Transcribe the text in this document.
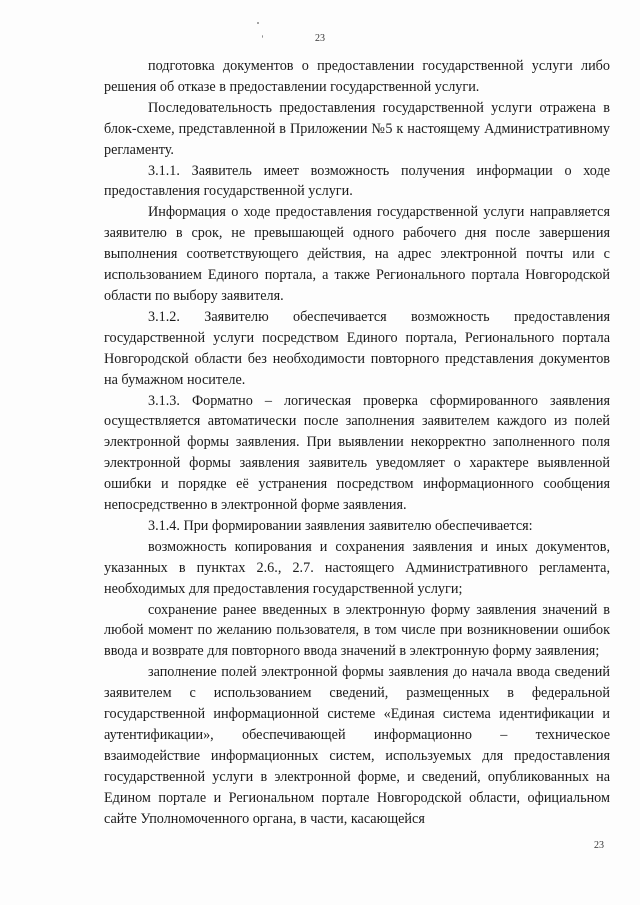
23

подготовка документов о предоставлении государственной услуги либо решения об отказе в предоставлении государственной услуги.

Последовательность предоставления государственной услуги отражена в блок-схеме, представленной в Приложении №5 к настоящему Административному регламенту.

3.1.1. Заявитель имеет возможность получения информации о ходе предоставления государственной услуги.

Информация о ходе предоставления государственной услуги направляется заявителю в срок, не превышающей одного рабочего дня после завершения выполнения соответствующего действия, на адрес электронной почты или с использованием Единого портала, а также Регионального портала Новгородской области по выбору заявителя.

3.1.2. Заявителю обеспечивается возможность предоставления государственной услуги посредством Единого портала, Регионального портала Новгородской области без необходимости повторного представления документов на бумажном носителе.

3.1.3. Форматно – логическая проверка сформированного заявления осуществляется автоматически после заполнения заявителем каждого из полей электронной формы заявления. При выявлении некорректно заполненного поля электронной формы заявления заявитель уведомляет о характере выявленной ошибки и порядке её устранения посредством информационного сообщения непосредственно в электронной форме заявления.

3.1.4. При формировании заявления заявителю обеспечивается:

возможность копирования и сохранения заявления и иных документов, указанных в пунктах 2.6., 2.7. настоящего Административного регламента, необходимых для предоставления государственной услуги;

сохранение ранее введенных в электронную форму заявления значений в любой момент по желанию пользователя, в том числе при возникновении ошибок ввода и возврате для повторного ввода значений в электронную форму заявления;

заполнение полей электронной формы заявления до начала ввода сведений заявителем с использованием сведений, размещенных в федеральной государственной информационной системе «Единая система идентификации и аутентификации», обеспечивающей информационно – техническое взаимодействие информационных систем, используемых для предоставления государственной услуги в электронной форме, и сведений, опубликованных на Едином портале и Региональном портале Новгородской области, официальном сайте Уполномоченного органа, в части, касающейся

23
